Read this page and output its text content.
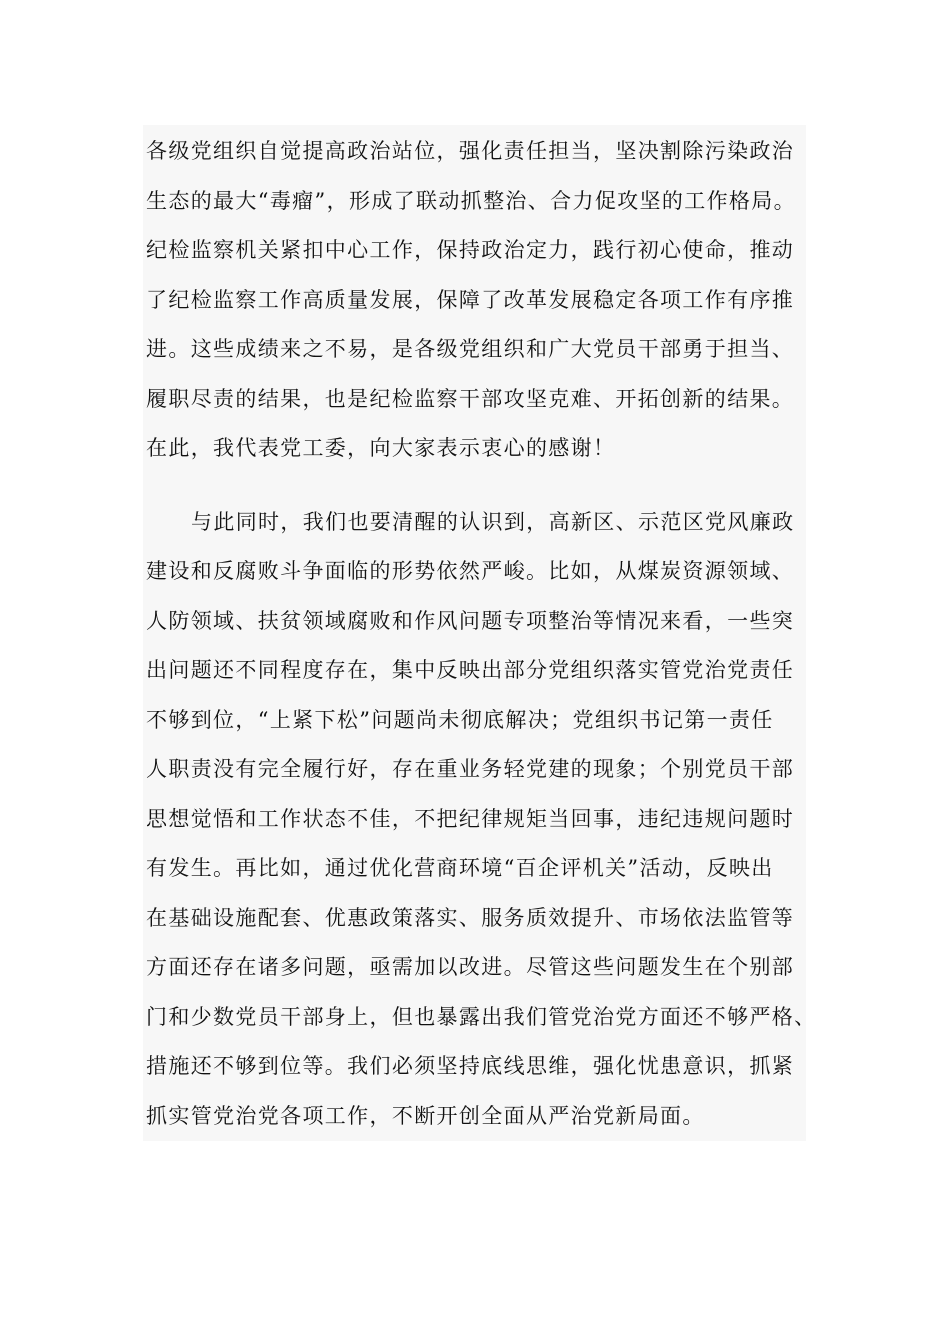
各级党组织自觉提高政治站位，强化责任担当，坚决割除污染政治
生态的最大“毒瘤”，形成了联动抓整治、合力促攻坚的工作格局。
纪检监察机关紧扣中心工作，保持政治定力，践行初心使命，推动
了纪检监察工作高质量发展，保障了改革发展稳定各项工作有序推
进。这些成绩来之不易，是各级党组织和广大党员干部勇于担当、
履职尽责的结果，也是纪检监察干部攻坚克难、开拓创新的结果。
在此，我代表党工委，向大家表示衷心的感谢！
与此同时，我们也要清醒的认识到，高新区、示范区党风廉政
建设和反腐败斗争面临的形势依然严峻。比如，从煤炭资源领域、
人防领域、扶贫领域腐败和作风问题专项整治等情况来看，一些突
出问题还不同程度存在，集中反映出部分党组织落实管党治党责任
不够到位，“上紧下松”问题尚未彻底解决；党组织书记第一责任
人职责没有完全履行好，存在重业务轻党建的现象；个别党员干部
思想觉悟和工作状态不佳，不把纪律规矩当回事，违纪违规问题时
有发生。再比如，通过优化营商环境“百企评机关”活动，反映出
在基础设施配套、优惠政策落实、服务质效提升、市场依法监管等
方面还存在诸多问题，亟需加以改进。尽管这些问题发生在个别部
门和少数党员干部身上，但也暴露出我们管党治党方面还不够严格、
措施还不够到位等。我们必须坚持底线思维，强化忧患意识，抓紧
抓实管党治党各项工作，不断开创全面从严治党新局面。
